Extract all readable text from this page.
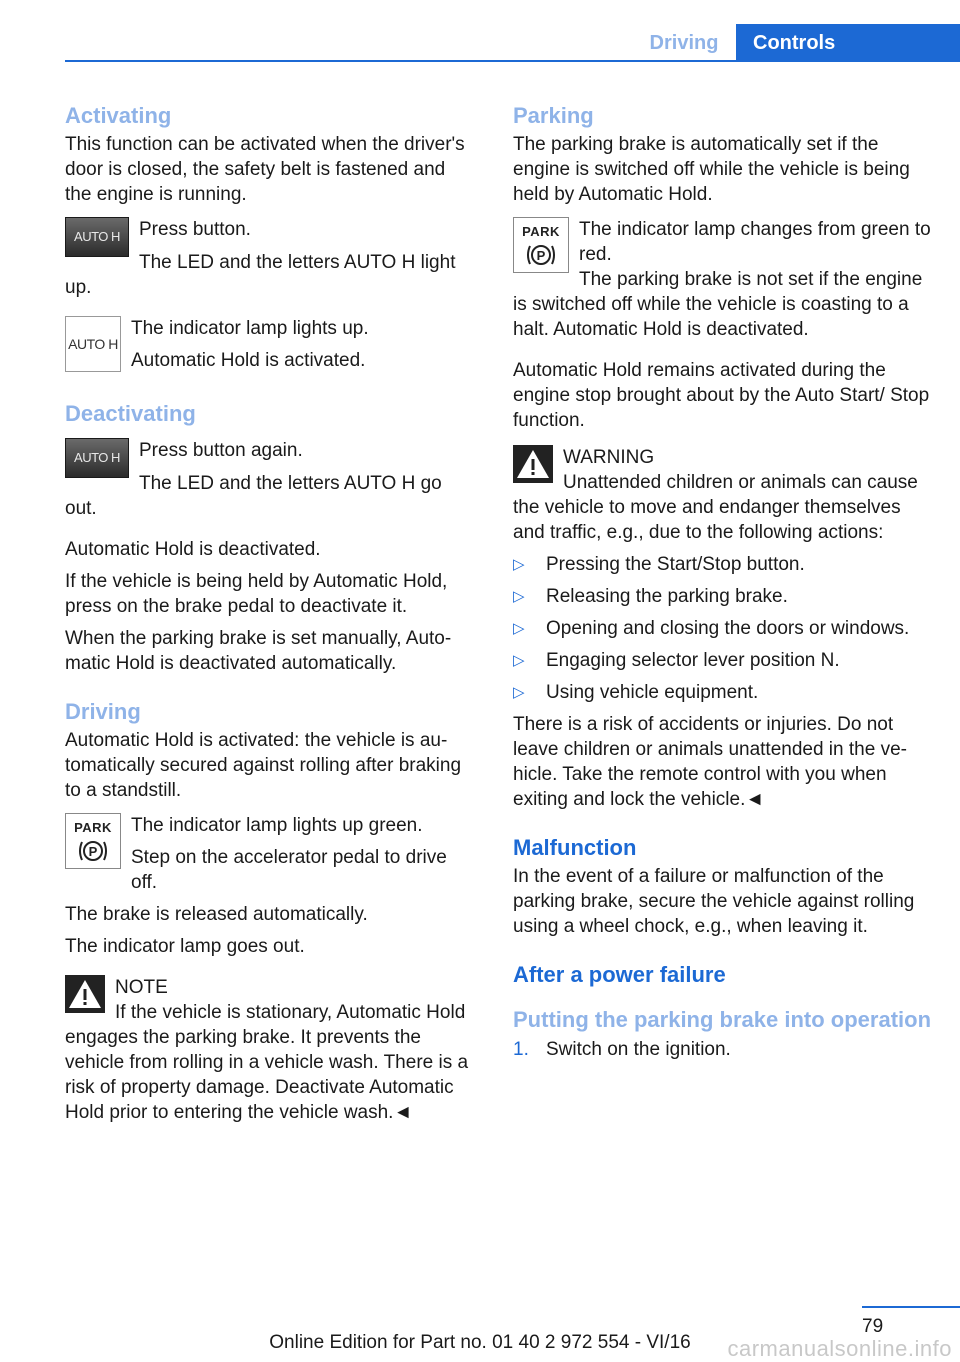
Driving	Controls
Activating

This function can be activated when the driver's door is closed, the safety belt is fastened and the engine is running.

AUTO H	Press button.

The LED and the letters AUTO H light up.

AUTO H
The indicator lamp lights up.
Automatic Hold is activated.
Deactivating
AUTO H	Press button again.

The LED and the letters AUTO H go out.

Automatic Hold is deactivated.

If the vehicle is being held by Automatic Hold, press on the brake pedal to deactivate it.

When the parking brake is set manually, Automatic Hold is deactivated automatically.

Driving

Automatic Hold is activated: the vehicle is automatically secured against rolling after braking to a standstill.

PARK
P
The indicator lamp lights up green.
Step on the accelerator pedal to drive off.

The brake is released automatically.

The indicator lamp goes out.

NOTE

If the vehicle is stationary, Automatic Hold engages the parking brake. It prevents the vehicle from rolling in a vehicle wash. There is a risk of property damage. Deactivate Automatic Hold prior to entering the vehicle wash.◄

Parking

The parking brake is automatically set if the engine is switched off while the vehicle is being held by Automatic Hold.

PARK
P
The indicator lamp changes from green to red.

The parking brake is not set if the engine is switched off while the vehicle is coasting to a halt. Automatic Hold is deactivated.

Automatic Hold remains activated during the engine stop brought about by the Auto Start/ Stop function.

WARNING

Unattended children or animals can cause the vehicle to move and endanger themselves and traffic, e.g., due to the following actions:

▷ Pressing the Start/Stop button.
▷ Releasing the parking brake.
▷ Opening and closing the doors or windows.
▷ Engaging selector lever position N.
▷ Using vehicle equipment.

There is a risk of accidents or injuries. Do not leave children or animals unattended in the vehicle. Take the remote control with you when exiting and lock the vehicle.◄

Malfunction

In the event of a failure or malfunction of the parking brake, secure the vehicle against rolling using a wheel chock, e.g., when leaving it.

After a power failure
Putting the parking brake into operation
1. Switch on the ignition.
79
Online Edition for Part no. 01 40 2 972 554 - VI/16	carmanualsonline.info
